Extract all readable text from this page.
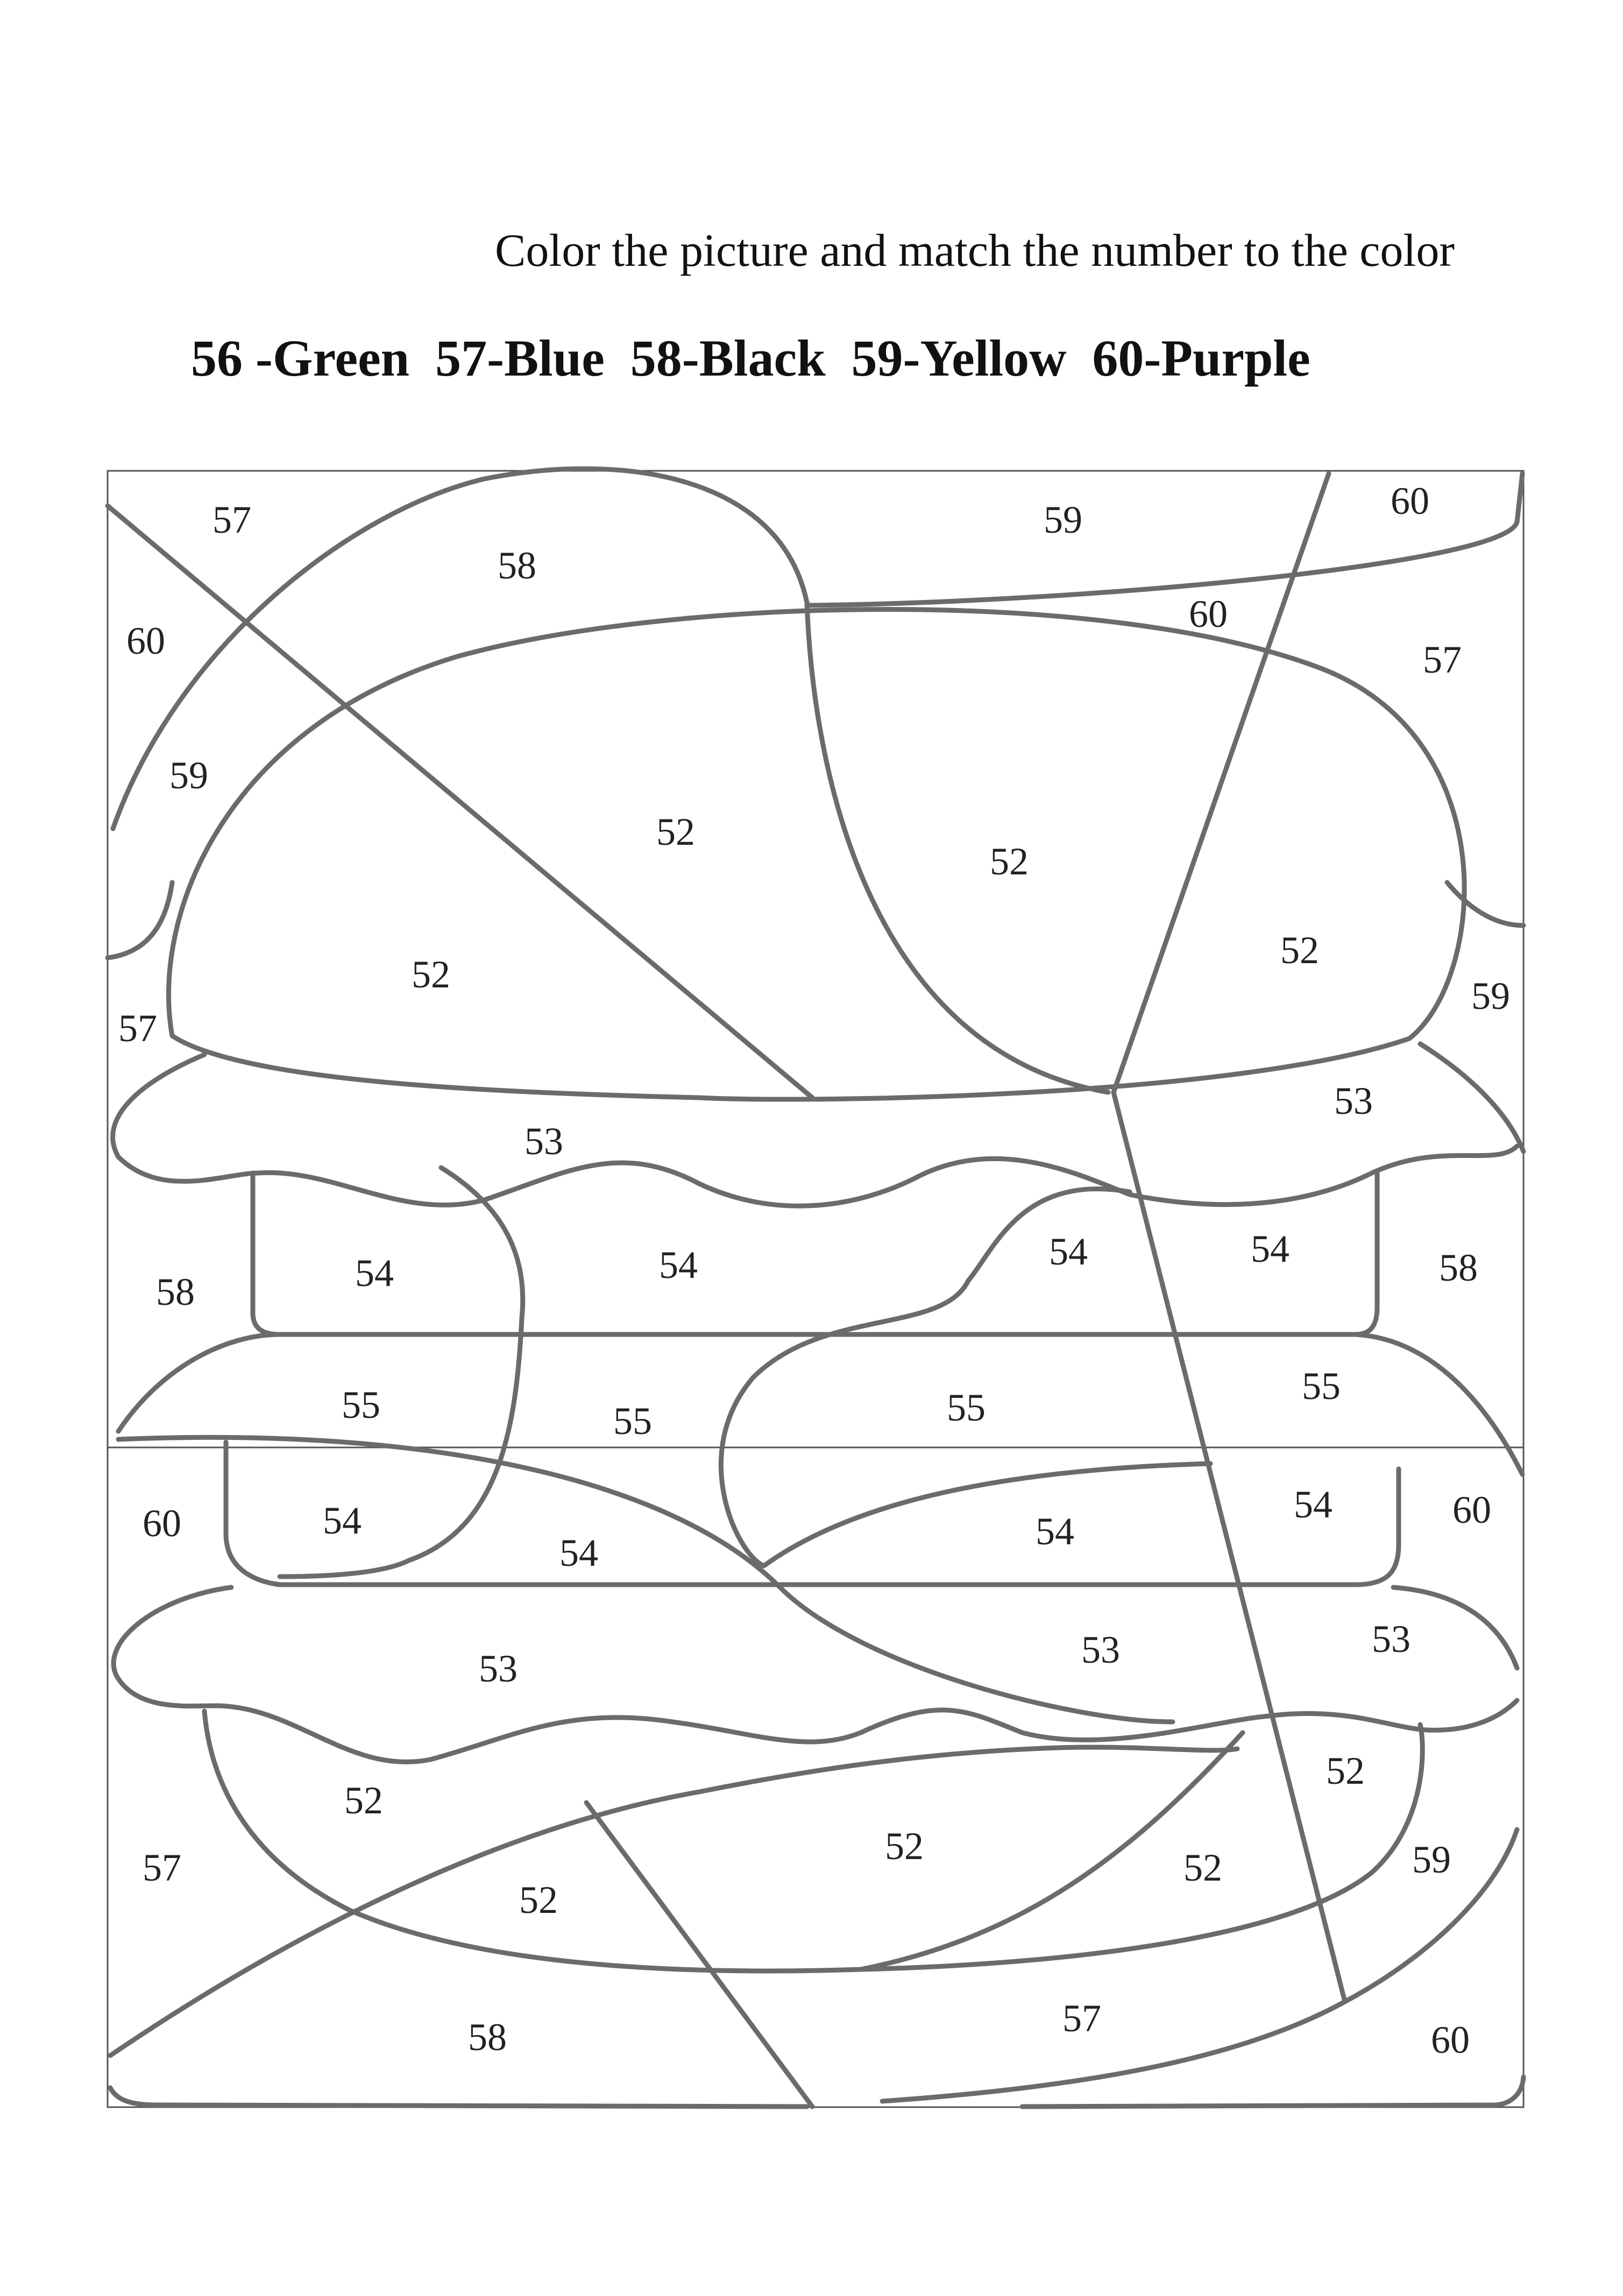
Color the picture and match the number to the color
56 -Green 57-Blue 58-Black 59-Yellow 60-Purple
57
58
59	60
60
57
60
59
52
52
52
52
57
59
53
53
58	54	54	54	54	58
55	55	55	55
60	54
54	54
54	60
53	53	53
52
52
52	52
52
57	59
58	57	60
